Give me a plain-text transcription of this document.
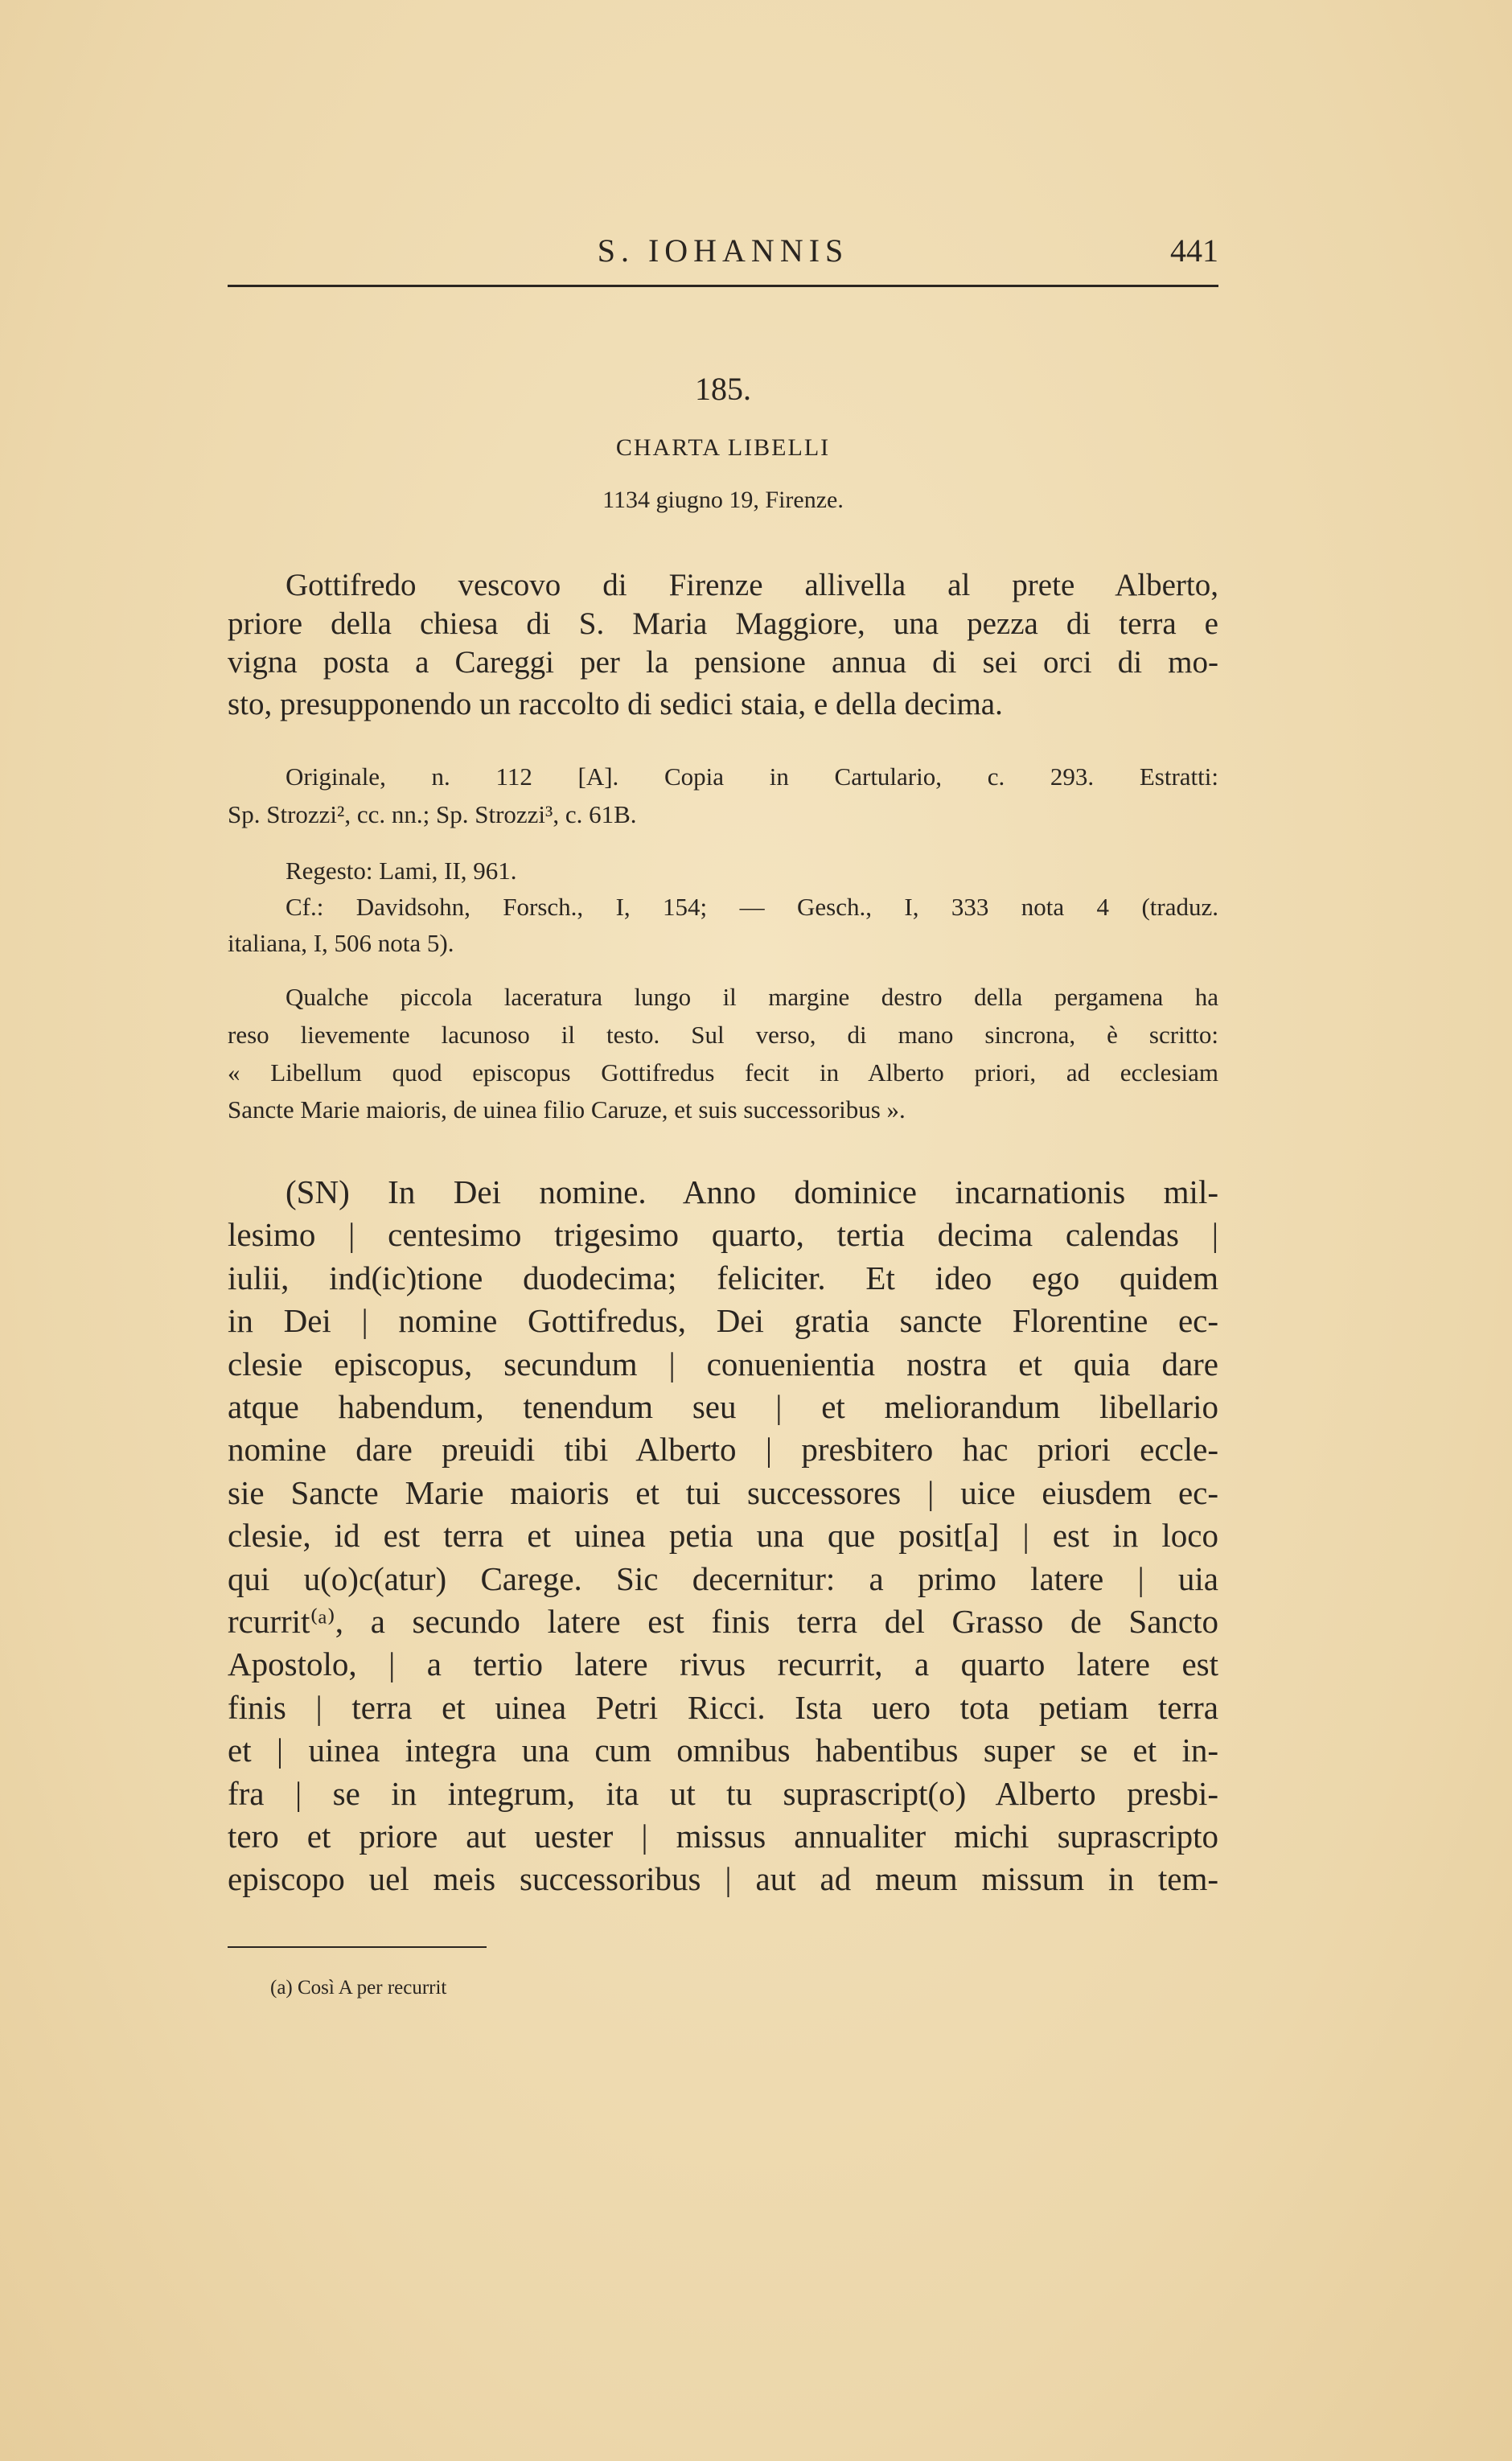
S. IOHANNIS	441
185.
CHARTA LIBELLI
1134 giugno 19, Firenze.
Gottifredo vescovo di Firenze allivella al prete Alberto,
priore della chiesa di S. Maria Maggiore, una pezza di terra e
vigna posta a Careggi per la pensione annua di sei orci di mo-
sto, presupponendo un raccolto di sedici staia, e della decima.
Originale, n. 112 [A]. Copia in Cartulario, c. 293. Estratti:
Sp. Strozzi², cc. nn.; Sp. Strozzi³, c. 61B.
Regesto: Lami, II, 961.
Cf.: Davidsohn, Forsch., I, 154; — Gesch., I, 333 nota 4 (traduz.
italiana, I, 506 nota 5).
Qualche piccola laceratura lungo il margine destro della pergamena ha
reso lievemente lacunoso il testo. Sul verso, di mano sincrona, è scritto:
« Libellum quod episcopus Gottifredus fecit in Alberto priori, ad ecclesiam
Sancte Marie maioris, de uinea filio Caruze, et suis successoribus ».
(SN) In Dei nomine. Anno dominice incarnationis mil-
lesimo | centesimo trigesimo quarto, tertia decima calendas |
iulii, ind(ic)tione duodecima; feliciter. Et ideo ego quidem
in Dei | nomine Gottifredus, Dei gratia sancte Florentine ec-
clesie episcopus, secundum | conuenientia nostra et quia dare
atque habendum, tenendum seu | et meliorandum libellario
nomine dare preuidi tibi Alberto | presbitero hac priori eccle-
sie Sancte Marie maioris et tui successores | uice eiusdem ec-
clesie, id est terra et uinea petia una que posit[a] | est in loco
qui u(o)c(atur) Carege. Sic decernitur: a primo latere | uia
rcurrit⁽ᵃ⁾, a secundo latere est finis terra del Grasso de Sancto
Apostolo, | a tertio latere rivus recurrit, a quarto latere est
finis | terra et uinea Petri Ricci. Ista uero tota petiam terra
et | uinea integra una cum omnibus habentibus super se et in-
fra | se in integrum, ita ut tu suprascript(o) Alberto presbi-
tero et priore aut uester | missus annualiter michi suprascripto
episcopo uel meis successoribus | aut ad meum missum in tem-
(a) Così A per recurrit
